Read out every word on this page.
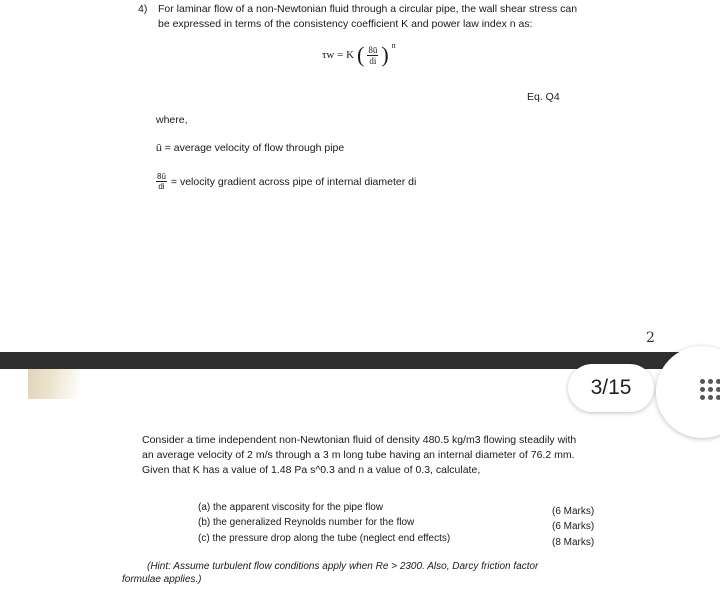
4) For laminar flow of a non-Newtonian fluid through a circular pipe, the wall shear stress can
be expressed in terms of the consistency coefficient K and power law index n as:
τw = K ( $\frac{8ū}{di}$ ) n
Eq. Q4
where,
ū = average velocity of flow through pipe
$\frac{8ū}{di}$ = velocity gradient across pipe of internal diameter di
2
3/15
Consider a time independent non-Newtonian fluid of density 480.5 kg/m3 flowing steadily with
an average velocity of 2 m/s through a 3 m long tube having an internal diameter of 76.2 mm.
Given that K has a value of 1.48 Pa s^0.3 and n a value of 0.3, calculate,
(a) the apparent viscosity for the pipe flow
(b) the generalized Reynolds number for the flow
(c) the pressure drop along the tube (neglect end effects)
(6 Marks)
(6 Marks)
(8 Marks)
(Hint: Assume turbulent flow conditions apply when Re > 2300. Also, Darcy friction factor
formulae applies.)
